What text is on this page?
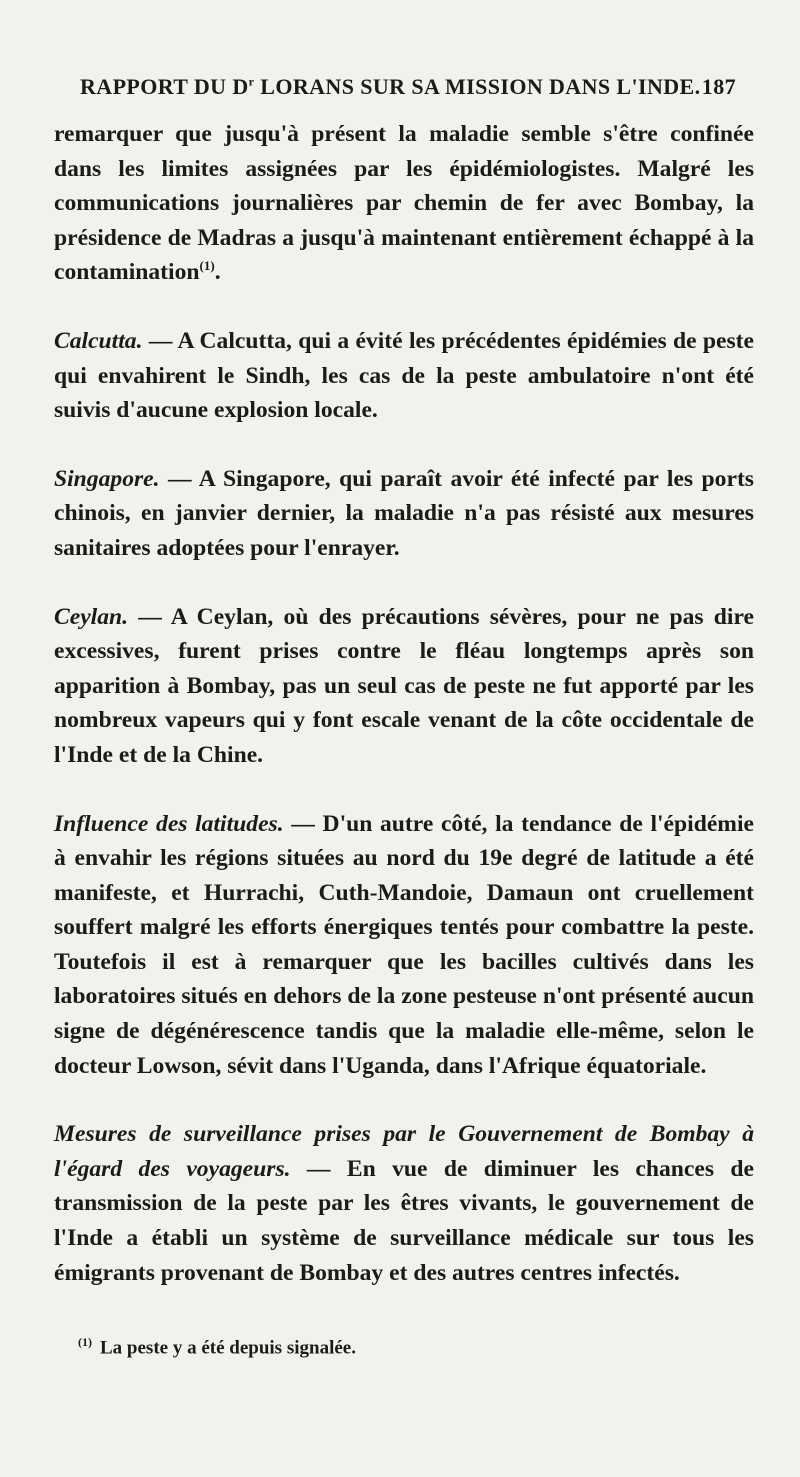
RAPPORT DU $D^r$ LORANS SUR SA MISSION DANS L'INDE. 187

remarquer que jusqu'à présent la maladie semble s'être confinée dans les limites assignées par les épidémiologistes. Malgré les communications journalières par chemin de fer avec Bombay, la présidence de Madras a jusqu'à maintenant entièrement échappé à la contamination$^{(1)}$.

Calcutta. — A Calcutta, qui a évité les précédentes épidémies de peste qui envahirent le Sindh, les cas de la peste ambulatoire n'ont été suivis d'aucune explosion locale.

Singapore. — A Singapore, qui paraît avoir été infecté par les ports chinois, en janvier dernier, la maladie n'a pas résisté aux mesures sanitaires adoptées pour l'enrayer.

Ceylan. — A Ceylan, où des précautions sévères, pour ne pas dire excessives, furent prises contre le fléau longtemps après son apparition à Bombay, pas un seul cas de peste ne fut apporté par les nombreux vapeurs qui y font escale venant de la côte occidentale de l'Inde et de la Chine.

Influence des latitudes. — D'un autre côté, la tendance de l'épidémie à envahir les régions situées au nord du 19e degré de latitude a été manifeste, et Hurrachi, Cuth-Mandoie, Damaun ont cruellement souffert malgré les efforts énergiques tentés pour combattre la peste. Toutefois il est à remarquer que les bacilles cultivés dans les laboratoires situés en dehors de la zone pesteuse n'ont présenté aucun signe de dégénérescence tandis que la maladie elle-même, selon le docteur Lowson, sévit dans l'Uganda, dans l'Afrique équatoriale.

Mesures de surveillance prises par le Gouvernement de Bombay à l'égard des voyageurs. — En vue de diminuer les chances de transmission de la peste par les êtres vivants, le gouvernement de l'Inde a établi un système de surveillance médicale sur tous les émigrants provenant de Bombay et des autres centres infectés.

$^{(1)}$ La peste y a été depuis signalée.
